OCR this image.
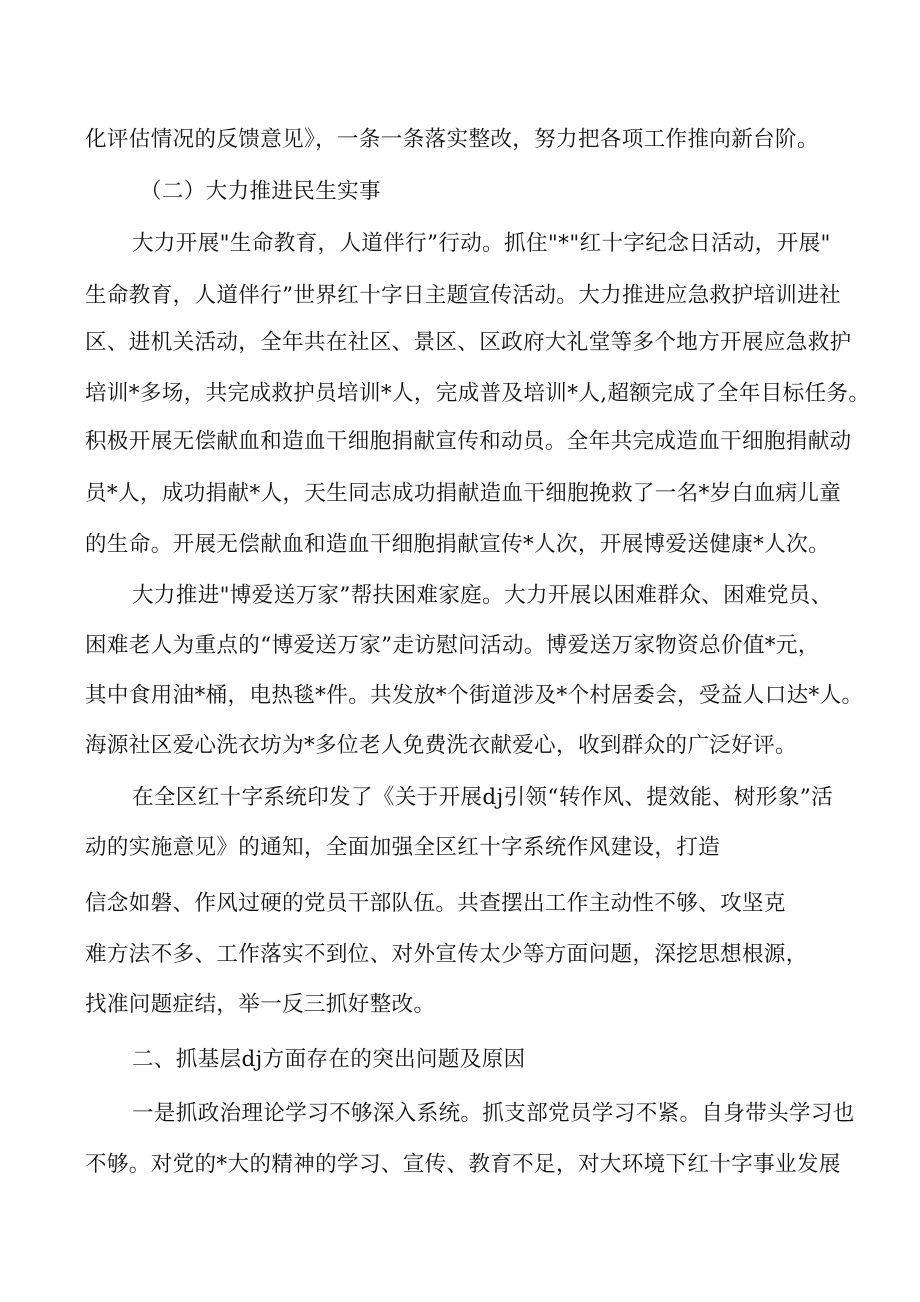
化评估情况的反馈意见》，一条一条落实整改，努力把各项工作推向新台阶。
（二）大力推进民生实事
大力开展"生命教育，人道伴行”行动。抓住"*"红十字纪念日活动，开展"
生命教育，人道伴行”世界红十字日主题宣传活动。大力推进应急救护培训进社
区、进机关活动，全年共在社区、景区、区政府大礼堂等多个地方开展应急救护
培训*多场，共完成救护员培训*人，完成普及培训*人,超额完成了全年目标任务。
积极开展无偿献血和造血干细胞捐献宣传和动员。全年共完成造血干细胞捐献动
员*人，成功捐献*人，天生同志成功捐献造血干细胞挽救了一名*岁白血病儿童
的生命。开展无偿献血和造血干细胞捐献宣传*人次，开展博爱送健康*人次。
大力推进"博爱送万家”帮扶困难家庭。大力开展以困难群众、困难党员、
困难老人为重点的“博爱送万家”走访慰问活动。博爱送万家物资总价值*元，
其中食用油*桶，电热毯*件。共发放*个街道涉及*个村居委会，受益人口达*人。
海源社区爱心洗衣坊为*多位老人免费洗衣献爱心，收到群众的广泛好评。
在全区红十字系统印发了《关于开展dj引领“转作风、提效能、树形象”活
动的实施意见》的通知，全面加强全区红十字系统作风建设，打造
信念如磐、作风过硬的党员干部队伍。共查摆出工作主动性不够、攻坚克
难方法不多、工作落实不到位、对外宣传太少等方面问题，深挖思想根源，
找准问题症结，举一反三抓好整改。
二、抓基层dj方面存在的突出问题及原因
一是抓政治理论学习不够深入系统。抓支部党员学习不紧。自身带头学习也
不够。对党的*大的精神的学习、宣传、教育不足，对大环境下红十字事业发展
